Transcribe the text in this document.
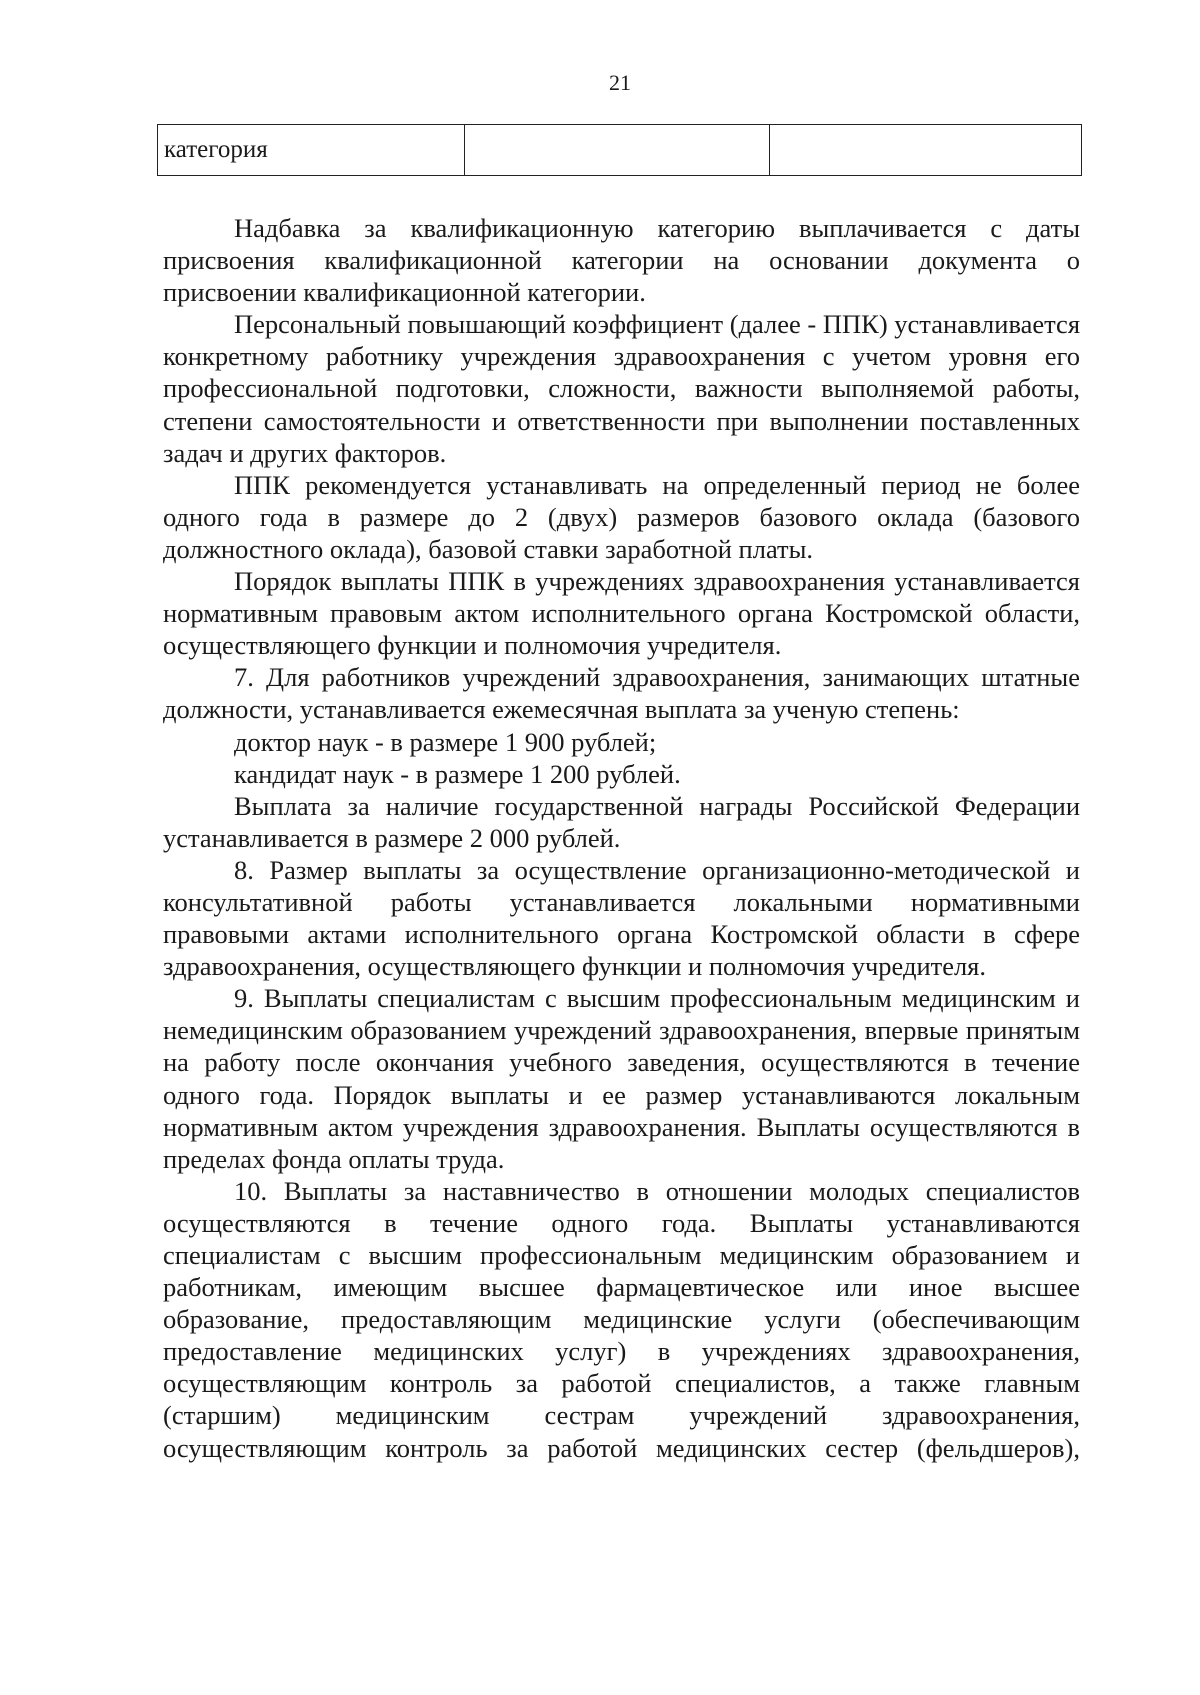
21
категория		

Надбавка за квалификационную категорию выплачивается с даты присвоения квалификационной категории на основании документа о присвоении квалификационной категории.

Персональный повышающий коэффициент (далее - ППК) устанавливается конкретному работнику учреждения здравоохранения с учетом уровня его профессиональной подготовки, сложности, важности выполняемой работы, степени самостоятельности и ответственности при выполнении поставленных задач и других факторов.

ППК рекомендуется устанавливать на определенный период не более одного года в размере до 2 (двух) размеров базового оклада (базового должностного оклада), базовой ставки заработной платы.

Порядок выплаты ППК в учреждениях здравоохранения устанавливается нормативным правовым актом исполнительного органа Костромской области, осуществляющего функции и полномочия учредителя.

7. Для работников учреждений здравоохранения, занимающих штатные должности, устанавливается ежемесячная выплата за ученую степень:

доктор наук - в размере 1 900 рублей;

кандидат наук - в размере 1 200 рублей.

Выплата за наличие государственной награды Российской Федерации устанавливается в размере 2 000 рублей.

8. Размер выплаты за осуществление организационно-методической и консультативной работы устанавливается локальными нормативными правовыми актами исполнительного органа Костромской области в сфере здравоохранения, осуществляющего функции и полномочия учредителя.

9. Выплаты специалистам с высшим профессиональным медицинским и немедицинским образованием учреждений здравоохранения, впервые принятым на работу после окончания учебного заведения, осуществляются в течение одного года. Порядок выплаты и ее размер устанавливаются локальным нормативным актом учреждения здравоохранения. Выплаты осуществляются в пределах фонда оплаты труда.

10. Выплаты за наставничество в отношении молодых специалистов осуществляются в течение одного года. Выплаты устанавливаются специалистам с высшим профессиональным медицинским образованием и работникам, имеющим высшее фармацевтическое или иное высшее образование, предоставляющим медицинские услуги (обеспечивающим предоставление медицинских услуг) в учреждениях здравоохранения, осуществляющим контроль за работой специалистов, а также главным (старшим) медицинским сестрам учреждений здравоохранения, осуществляющим контроль за работой медицинских сестер (фельдшеров),
